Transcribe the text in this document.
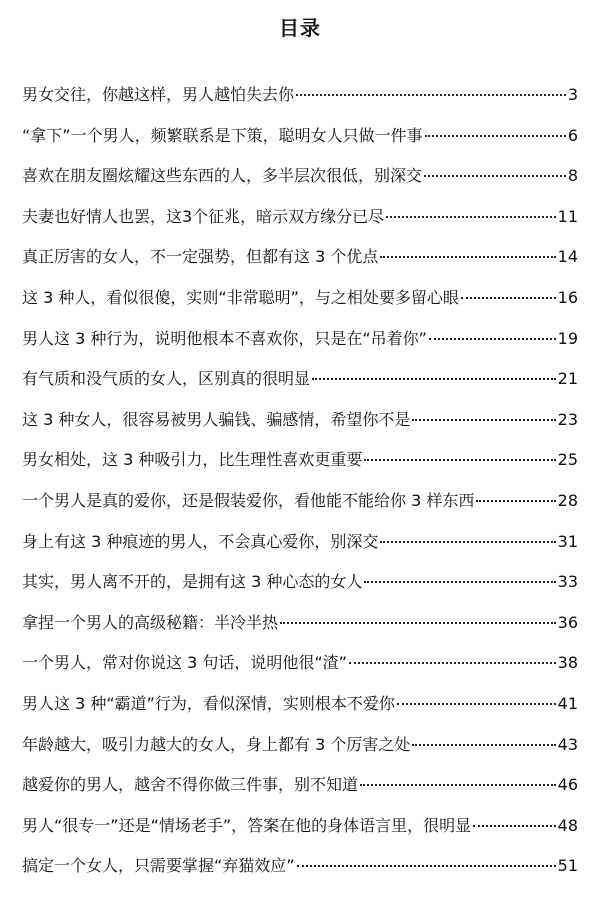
目录
男女交往，你越这样，男人越怕失去你	3
“拿下”一个男人，频繁联系是下策，聪明女人只做一件事	6
喜欢在朋友圈炫耀这些东西的人，多半层次很低，别深交	8
夫妻也好情人也罢，这3个征兆，暗示双方缘分已尽	11
真正厉害的女人，不一定强势，但都有这 3 个优点	14
这 3 种人，看似很傻，实则“非常聪明”，与之相处要多留心眼	16
男人这 3 种行为，说明他根本不喜欢你，只是在“吊着你”	19
有气质和没气质的女人，区别真的很明显	21
这 3 种女人，很容易被男人骗钱、骗感情，希望你不是	23
男女相处，这 3 种吸引力，比生理性喜欢更重要	25
一个男人是真的爱你，还是假装爱你，看他能不能给你 3 样东西	28
身上有这 3 种痕迹的男人，不会真心爱你，别深交	31
其实，男人离不开的，是拥有这 3 种心态的女人	33
拿捏一个男人的高级秘籍：半冷半热	36
一个男人，常对你说这 3 句话，说明他很“渣”	38
男人这 3 种“霸道”行为，看似深情，实则根本不爱你	41
年龄越大，吸引力越大的女人，身上都有 3 个厉害之处	43
越爱你的男人，越舍不得你做三件事，别不知道	46
男人“很专一”还是“情场老手”，答案在他的身体语言里，很明显	48
搞定一个女人，只需要掌握“弃猫效应”	51
